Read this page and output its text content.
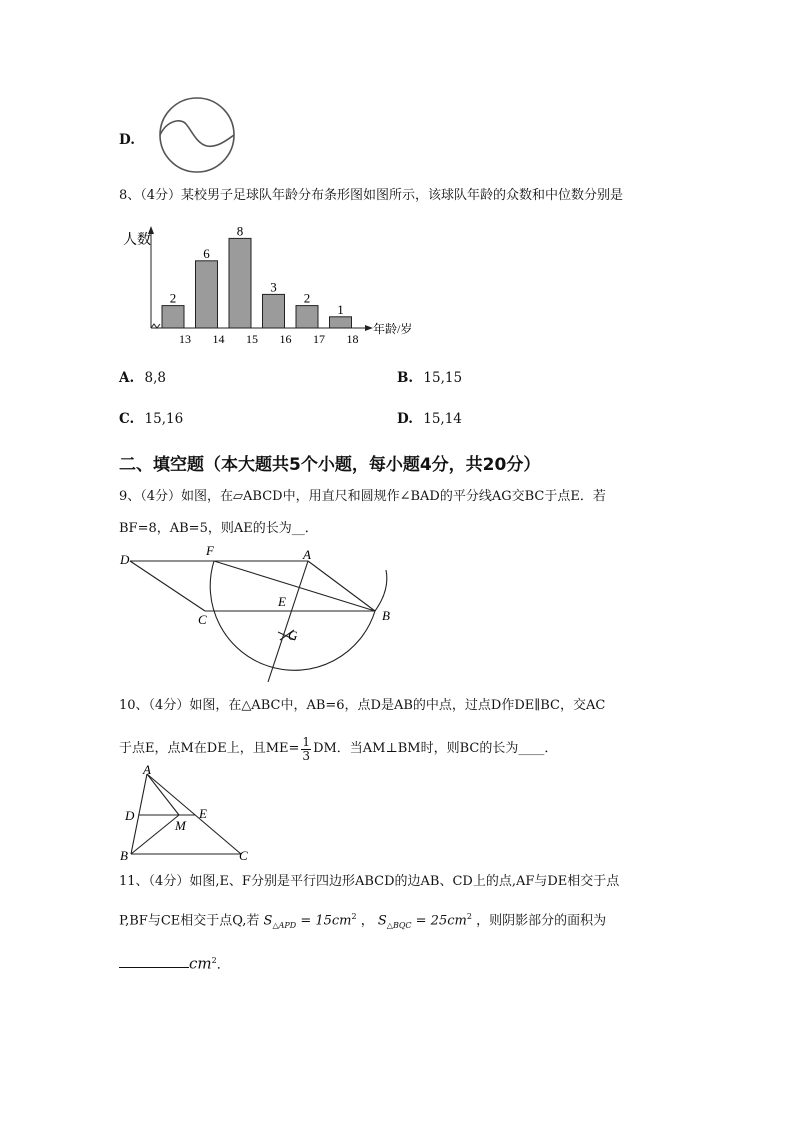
D.
8、（4分）某校男子足球队年龄分布条形图如图所示，该球队年龄的众数和中位数分别是
人数
年龄/岁
2
13
6
14
8
15
3
16
2
17
1
18
A. 8,8	B. 15,15
C. 15,16	D. 15,14
二、填空题（本大题共5个小题，每小题4分，共20分）
9、（4分）如图，在▱ABCD中，用直尺和圆规作∠BAD的平分线AG交BC于点E．若
BF=8，AB=5，则AE的长为__．
D
F	A
E
C	B
G
10、（4分）如图，在△ABC中，AB=6，点D是AB的中点，过点D作DE∥BC，交AC
于点E，点M在DE上，且$ME= \frac{1}{3}$ DM．当AM⊥BM时，则BC的长为____．
A
D
M
E
B	C
11、（4分）如图,E、F分别是平行四边形ABCD的边AB、CD上的点,AF与DE相交于点
P,BF与CE相交于点Q,若 $S_{\triangle APD} = 15cm^2$ ， $S_{\triangle BQC} = 25cm^2$ ，则阴影部分的面积为
$cm^2$．
